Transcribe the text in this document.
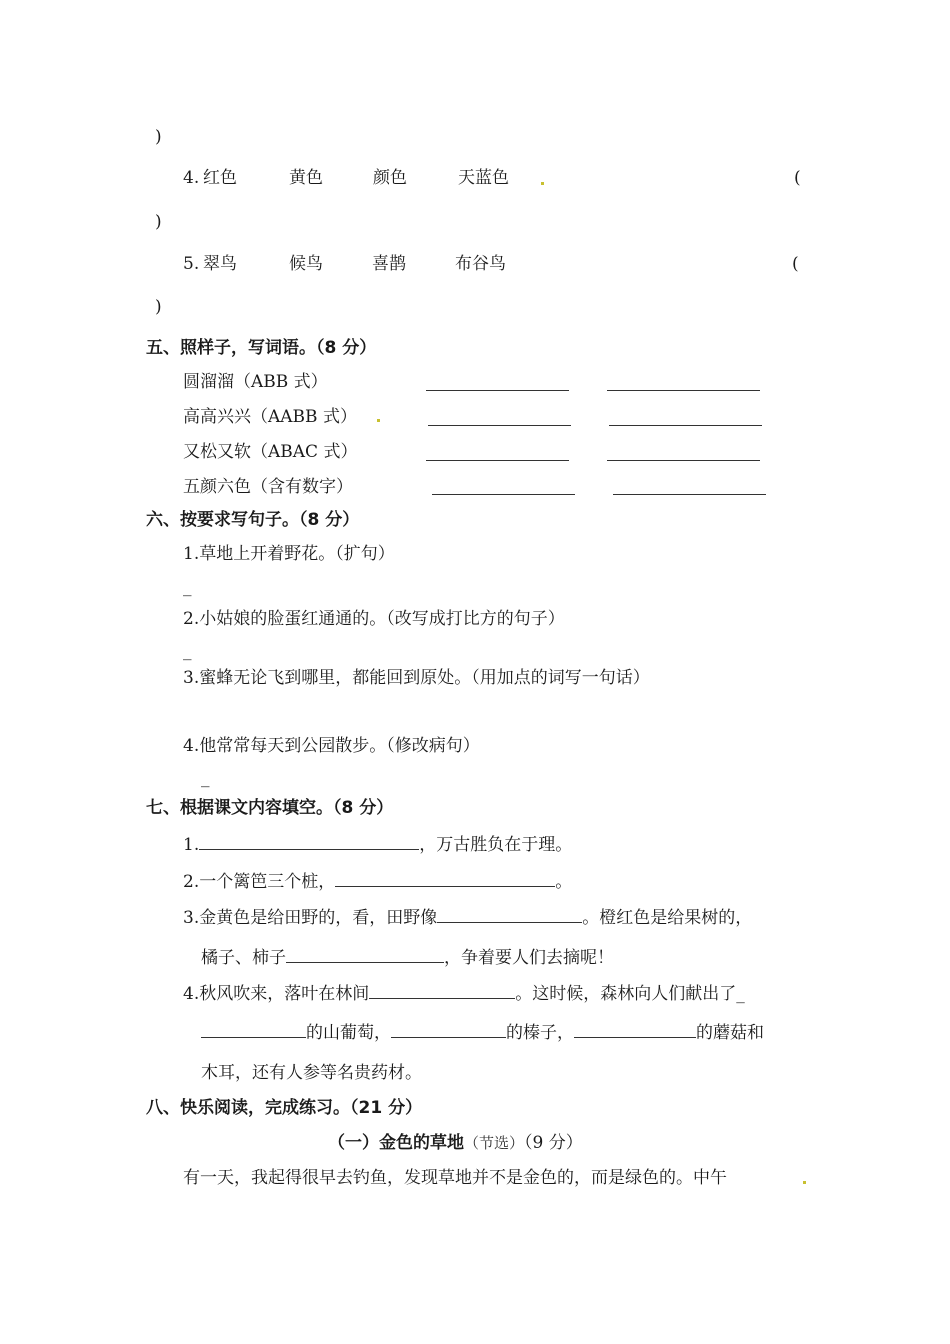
)
4. 红色	黄色	颜色	天蓝色	(
)
5. 翠鸟	候鸟	喜鹊	布谷鸟	(
)
五、照样子，写词语。（8 分）
圆溜溜（ABB 式）
高高兴兴（AABB 式）
又松又软（ABAC 式）
五颜六色（含有数字）
六、按要求写句子。（8 分）
1.草地上开着野花。（扩句）
_
2.小姑娘的脸蛋红通通的。（改写成打比方的句子）
_
3.蜜蜂无论飞到哪里，都能回到原处。（用加点的词写一句话）
4.他常常每天到公园散步。（修改病句）
_
七、根据课文内容填空。（8 分）
1.	，万古胜负在于理。
2.一个篱笆三个桩，	。
3.金黄色是给田野的，看，田野像	。橙红色是给果树的，
橘子、柿子	，争着要人们去摘呢！
4.秋风吹来，落叶在林间	。这时候，森林向人们献出了_
的山葡萄，	的榛子，	的蘑菇和
木耳，还有人参等名贵药材。
八、快乐阅读，完成练习。（21 分）
（一）金色的草地（节选）（9 分）
有一天，我起得很早去钓鱼，发现草地并不是金色的，而是绿色的。中午
